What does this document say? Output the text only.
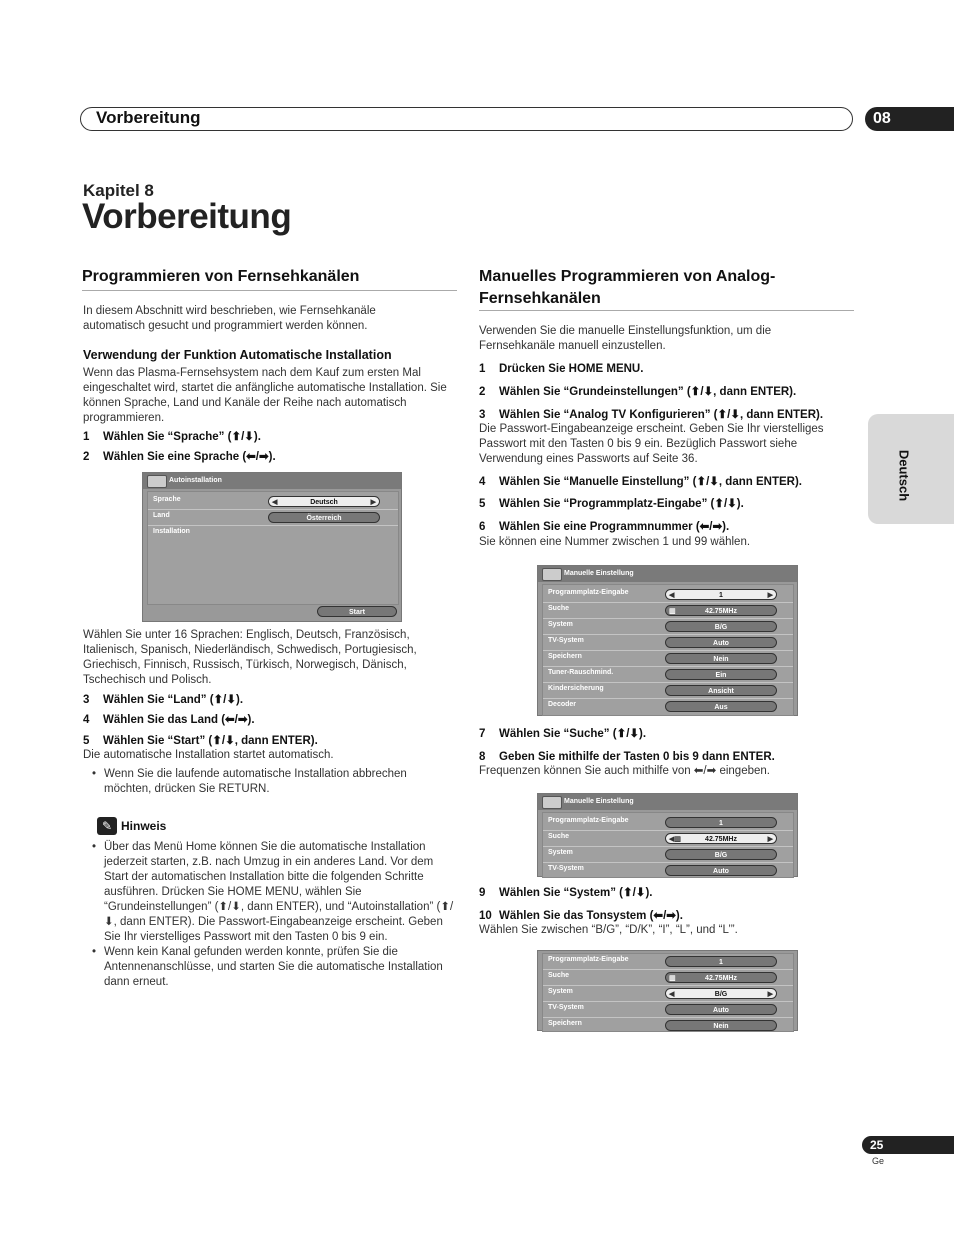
Vorbereitung	08
Kapitel 8
Vorbereitung
Deutsch
Programmieren von Fernsehkanälen
In diesem Abschnitt wird beschrieben, wie Fernsehkanäle automatisch gesucht und programmiert werden können.
Verwendung der Funktion Automatische Installation
Wenn das Plasma-Fernsehsystem nach dem Kauf zum ersten Mal eingeschaltet wird, startet die anfängliche automatische Installation. Sie können Sprache, Land und Kanäle der Reihe nach automatisch programmieren.
1 Wählen Sie “Sprache” (⬆/⬇).
2 Wählen Sie eine Sprache (⬅/➡).
Autoinstallation
Sprache	◀	Deutsch	▶
Land	Österreich
Installation
Start
Wählen Sie unter 16 Sprachen: Englisch, Deutsch, Französisch, Italienisch, Spanisch, Niederländisch, Schwedisch, Portugiesisch, Griechisch, Finnisch, Russisch, Türkisch, Norwegisch, Dänisch, Tschechisch und Polisch.
3 Wählen Sie “Land” (⬆/⬇).
4 Wählen Sie das Land (⬅/➡).
5 Wählen Sie “Start” (⬆/⬇, dann ENTER).
Die automatische Installation startet automatisch.
• Wenn Sie die laufende automatische Installation abbrechen möchten, drücken Sie RETURN.
✎ Hinweis
• Über das Menü Home können Sie die automatische Installation jederzeit starten, z.B. nach Umzug in ein anderes Land. Vor dem Start der automatischen Installation bitte die folgenden Schritte ausführen. Drücken Sie HOME MENU, wählen Sie “Grundeinstellungen” (⬆/⬇, dann ENTER), und “Autoinstallation” (⬆/⬇, dann ENTER). Die Passwort-Eingabeanzeige erscheint. Geben Sie Ihr vierstelliges Passwort mit den Tasten 0 bis 9 ein.
• Wenn kein Kanal gefunden werden konnte, prüfen Sie die Antennenanschlüsse, und starten Sie die automatische Installation dann erneut.
Manuelles Programmieren von Analog-
Fernsehkanälen
Verwenden Sie die manuelle Einstellungsfunktion, um die Fernsehkanäle manuell einzustellen.
1 Drücken Sie HOME MENU.
2 Wählen Sie “Grundeinstellungen” (⬆/⬇, dann ENTER).
3 Wählen Sie “Analog TV Konfigurieren” (⬆/⬇, dann ENTER).
Die Passwort-Eingabeanzeige erscheint. Geben Sie Ihr vierstelliges Passwort mit den Tasten 0 bis 9 ein. Bezüglich Passwort siehe Verwendung eines Passworts auf Seite 36.
4 Wählen Sie “Manuelle Einstellung” (⬆/⬇, dann ENTER).
5 Wählen Sie “Programmplatz-Eingabe” (⬆/⬇).
6 Wählen Sie eine Programmnummer (⬅/➡).
Sie können eine Nummer zwischen 1 und 99 wählen.
Manuelle Einstellung
Programmplatz-Eingabe	◀	1	▶
Suche	▥	42.75MHz
System	B/G
TV-System	Auto
Speichern	Nein
Tuner-Rauschmind.	Ein
Kindersicherung	Ansicht
Decoder	Aus
7 Wählen Sie “Suche” (⬆/⬇).
8 Geben Sie mithilfe der Tasten 0 bis 9 dann ENTER.
Frequenzen können Sie auch mithilfe von ⬅/➡ eingeben.
Manuelle Einstellung
Programmplatz-Eingabe	1
Suche	◀▥	42.75MHz	▶
System	B/G
TV-System	Auto
9 Wählen Sie “System” (⬆/⬇).
10 Wählen Sie das Tonsystem (⬅/➡).
Wählen Sie zwischen “B/G”, “D/K”, “I”, “L”, und “L’”.
Programmplatz-Eingabe	1
Suche	▥	42.75MHz
System	◀	B/G	▶
TV-System	Auto
Speichern	Nein
25
Ge
